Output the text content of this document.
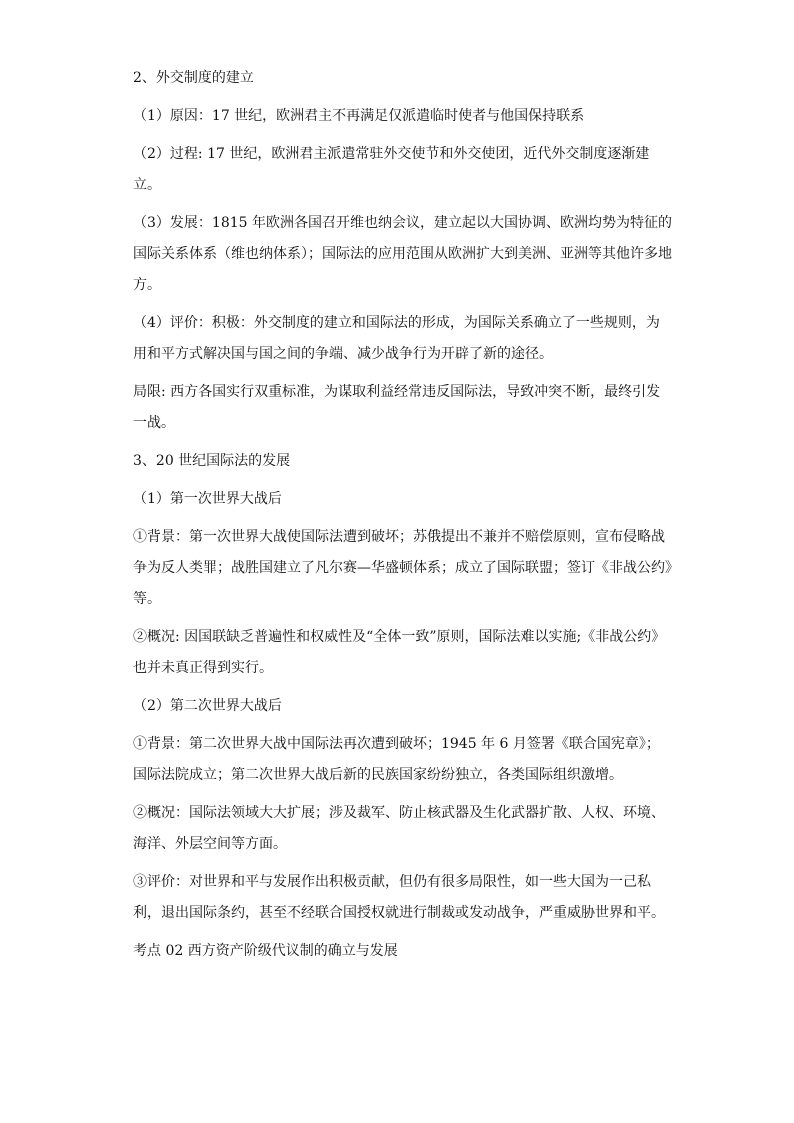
2、外交制度的建立

（1）原因：17 世纪，欧洲君主不再满足仅派遣临时使者与他国保持联系

（2）过程: 17 世纪，欧洲君主派遣常驻外交使节和外交使团，近代外交制度逐渐建立。

（3）发展：1815 年欧洲各国召开维也纳会议，建立起以大国协调、欧洲均势为特征的国际关系体系（维也纳体系）；国际法的应用范围从欧洲扩大到美洲、亚洲等其他许多地方。

（4）评价：积极：外交制度的建立和国际法的形成，为国际关系确立了一些规则，为用和平方式解决国与国之间的争端、减少战争行为开辟了新的途径。

局限: 西方各国实行双重标准，为谋取利益经常违反国际法，导致冲突不断，最终引发一战。

3、20 世纪国际法的发展

（1）第一次世界大战后

①背景：第一次世界大战使国际法遭到破坏；苏俄提出不兼并不赔偿原则，宣布侵略战争为反人类罪；战胜国建立了凡尔赛—华盛顿体系；成立了国际联盟；签订《非战公约》等。

②概况: 因国联缺乏普遍性和权威性及“全体一致”原则，国际法难以实施;《非战公约》也并未真正得到实行。

（2）第二次世界大战后

①背景：第二次世界大战中国际法再次遭到破坏；1945 年 6 月签署《联合国宪章》；国际法院成立；第二次世界大战后新的民族国家纷纷独立，各类国际组织激增。

②概况：国际法领域大大扩展；涉及裁军、防止核武器及生化武器扩散、人权、环境、海洋、外层空间等方面。

③评价：对世界和平与发展作出积极贡献，但仍有很多局限性，如一些大国为一己私利，退出国际条约，甚至不经联合国授权就进行制裁或发动战争，严重威胁世界和平。

考点 02 西方资产阶级代议制的确立与发展
